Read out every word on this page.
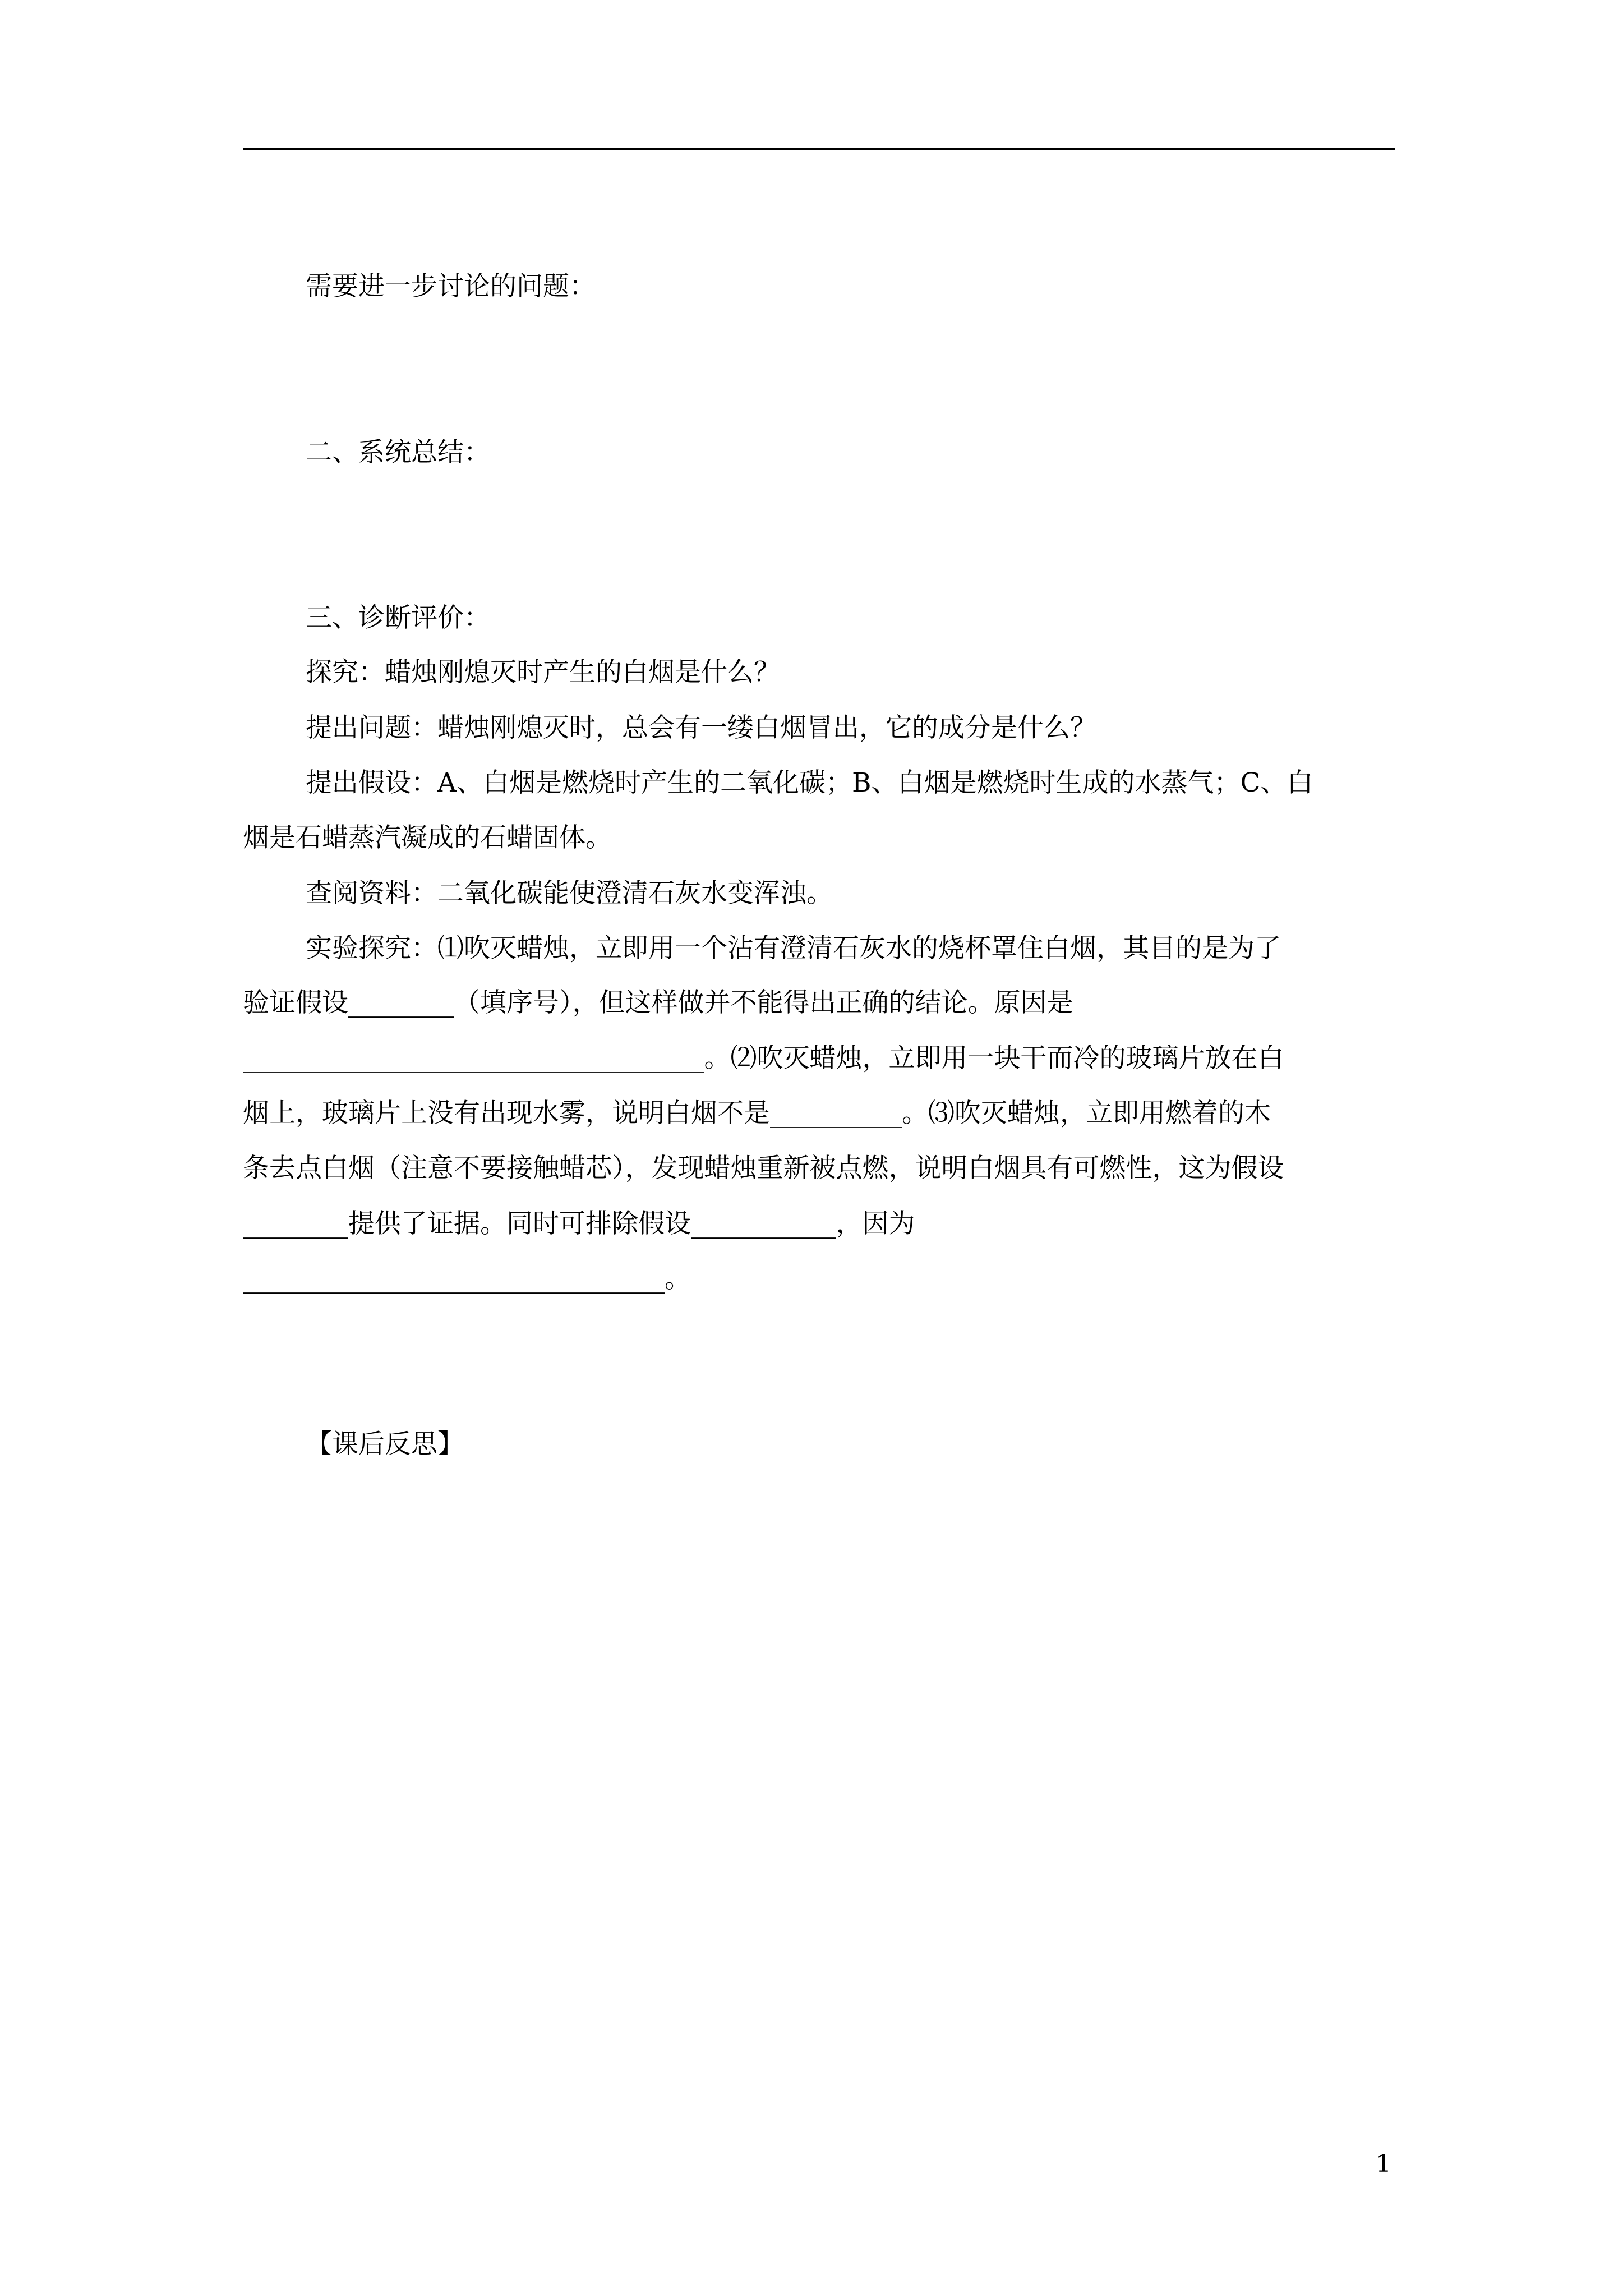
需要进一步讨论的问题：
二、系统总结：
三、诊断评价：
探究：蜡烛刚熄灭时产生的白烟是什么？
提出问题：蜡烛刚熄灭时，总会有一缕白烟冒出，它的成分是什么？
提出假设：A、白烟是燃烧时产生的二氧化碳；B、白烟是燃烧时生成的水蒸气；C、白
烟是石蜡蒸汽凝成的石蜡固体。
查阅资料：二氧化碳能使澄清石灰水变浑浊。
实验探究：⑴吹灭蜡烛，立即用一个沾有澄清石灰水的烧杯罩住白烟，其目的是为了
验证假设________（填序号），但这样做并不能得出正确的结论。原因是
___________________________________。⑵吹灭蜡烛，立即用一块干而冷的玻璃片放在白
烟上，玻璃片上没有出现水雾，说明白烟不是__________。⑶吹灭蜡烛，立即用燃着的木
条去点白烟（注意不要接触蜡芯），发现蜡烛重新被点燃，说明白烟具有可燃性，这为假设
________提供了证据。同时可排除假设___________，因为
________________________________。
【课后反思】
1
